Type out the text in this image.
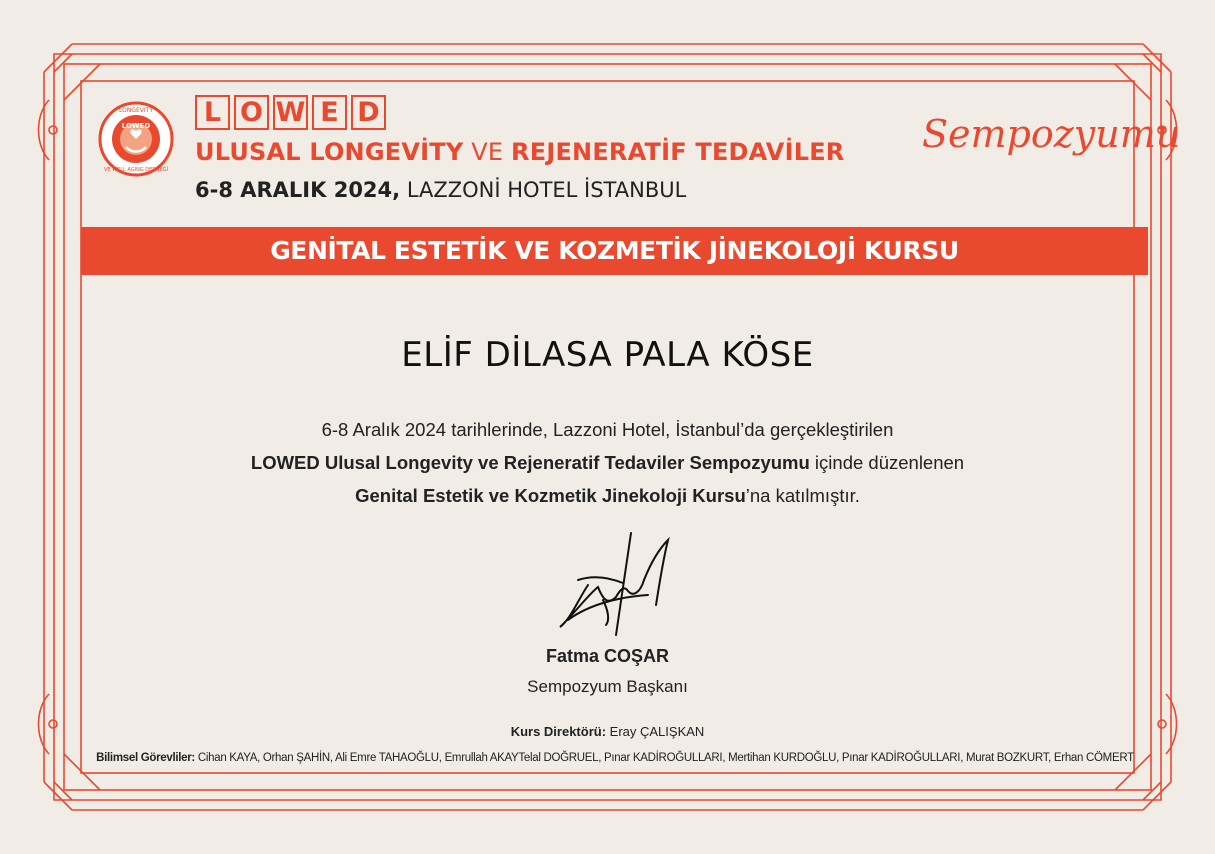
LONGEVITY
LOWED
VE WELL AGING DERNEĞİ
L O W E D
ULUSAL LONGEVİTY VE REJENERATİF TEDAVİLER Sempozyumu
6-8 ARALIK 2024, LAZZONİ HOTEL İSTANBUL
GENİTAL ESTETİK VE KOZMETİK JİNEKOLOJİ KURSU
ELİF DİLASA PALA KÖSE
6-8 Aralık 2024 tarihlerinde, Lazzoni Hotel, İstanbul’da gerçekleştirilen
LOWED Ulusal Longevity ve Rejeneratif Tedaviler Sempozyumu içinde düzenlenen
Genital Estetik ve Kozmetik Jinekoloji Kursu’na katılmıştır.
Fatma COŞAR
Sempozyum Başkanı
Kurs Direktörü: Eray ÇALIŞKAN
Bilimsel Görevliler: Cihan KAYA, Orhan ŞAHİN, Ali Emre TAHAOĞLU, Emrullah AKAYTelal DOĞRUEL, Pınar KADİROĞULLARI, Mertihan KURDOĞLU, Pınar KADİROĞULLARI, Murat BOZKURT, Erhan CÖMERT
